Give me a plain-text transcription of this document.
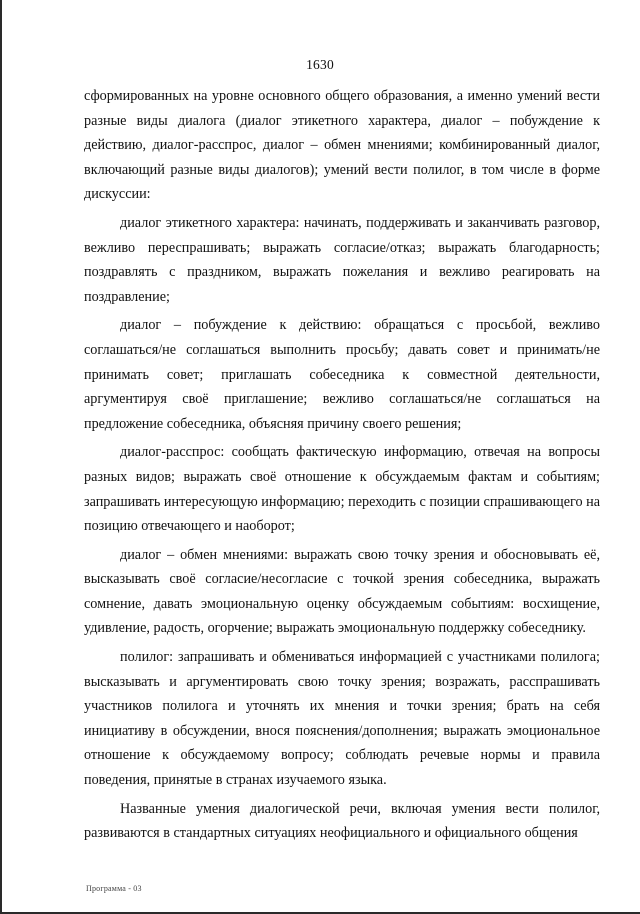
1630

сформированных на уровне основного общего образования, а именно умений вести разные виды диалога (диалог этикетного характера, диалог – побуждение к действию, диалог-расспрос, диалог – обмен мнениями; комбинированный диалог, включающий разные виды диалогов); умений вести полилог, в том числе в форме дискуссии:

диалог этикетного характера: начинать, поддерживать и заканчивать разговор, вежливо переспрашивать; выражать согласие/отказ; выражать благодарность; поздравлять с праздником, выражать пожелания и вежливо реагировать на поздравление;

диалог – побуждение к действию: обращаться с просьбой, вежливо соглашаться/не соглашаться выполнить просьбу; давать совет и принимать/не принимать совет; приглашать собеседника к совместной деятельности, аргументируя своё приглашение; вежливо соглашаться/не соглашаться на предложение собеседника, объясняя причину своего решения;

диалог-расспрос: сообщать фактическую информацию, отвечая на вопросы разных видов; выражать своё отношение к обсуждаемым фактам и событиям; запрашивать интересующую информацию; переходить с позиции спрашивающего на позицию отвечающего и наоборот;

диалог – обмен мнениями: выражать свою точку зрения и обосновывать её, высказывать своё согласие/несогласие с точкой зрения собеседника, выражать сомнение, давать эмоциональную оценку обсуждаемым событиям: восхищение, удивление, радость, огорчение; выражать эмоциональную поддержку собеседнику.

полилог: запрашивать и обмениваться информацией с участниками полилога; высказывать и аргументировать свою точку зрения; возражать, расспрашивать участников полилога и уточнять их мнения и точки зрения; брать на себя инициативу в обсуждении, внося пояснения/дополнения; выражать эмоциональное отношение к обсуждаемому вопросу; соблюдать речевые нормы и правила поведения, принятые в странах изучаемого языка.

Названные умения диалогической речи, включая умения вести полилог, развиваются в стандартных ситуациях неофициального и официального общения

Программа - 03
